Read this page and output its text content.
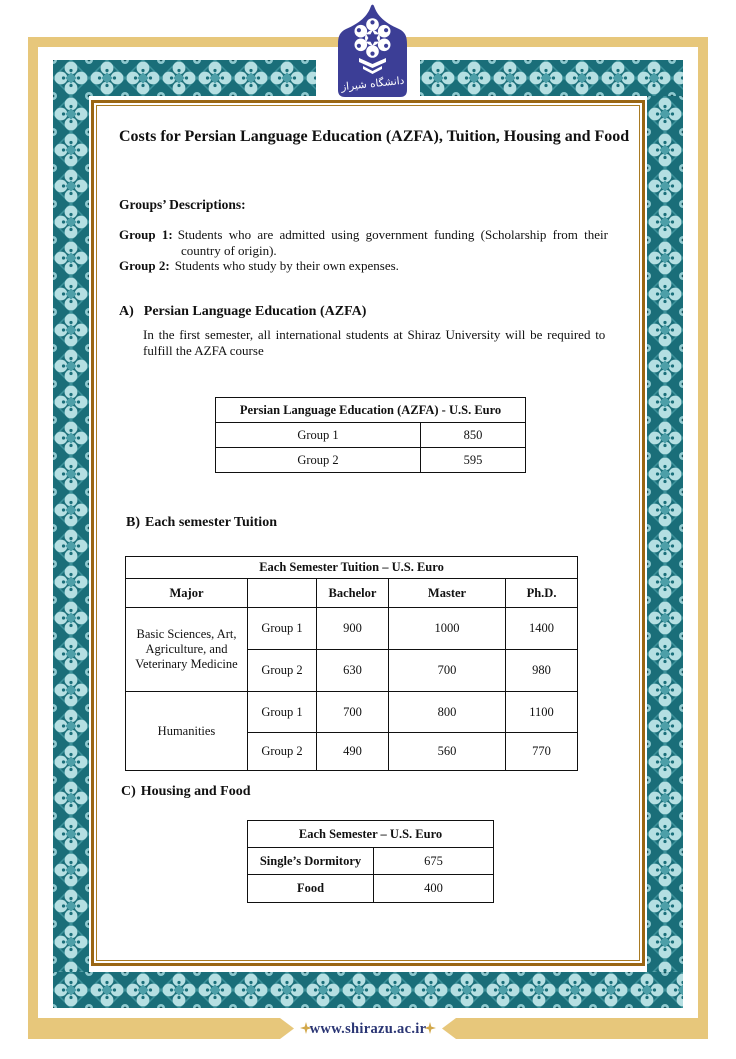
دانشگاه شیراز
Costs for Persian Language Education (AZFA), Tuition, Housing and Food
Groups’ Descriptions:
Group 1: Students who are admitted using government funding (Scholarship from their
country of origin).
Group 2: Students who study by their own expenses.
A) Persian Language Education (AZFA)
In the first semester, all international students at Shiraz University will be required to
fulfill the AZFA course
Persian Language Education (AZFA) - U.S. Euro	
Group 1	850
Group 2	595
B) Each semester Tuition
Each Semester Tuition – U.S. Euro				
Major		Bachelor	Master	Ph.D.
Basic Sciences, Art, Agriculture, and Veterinary Medicine	Group 1	900	1000	1400
	Group 2	630	700	980
Humanities	Group 1	700	800	1100
	Group 2	490	560	770
C) Housing and Food
Each Semester – U.S. Euro	
Single’s Dormitory	675
Food	400
www.shirazu.ac.ir
